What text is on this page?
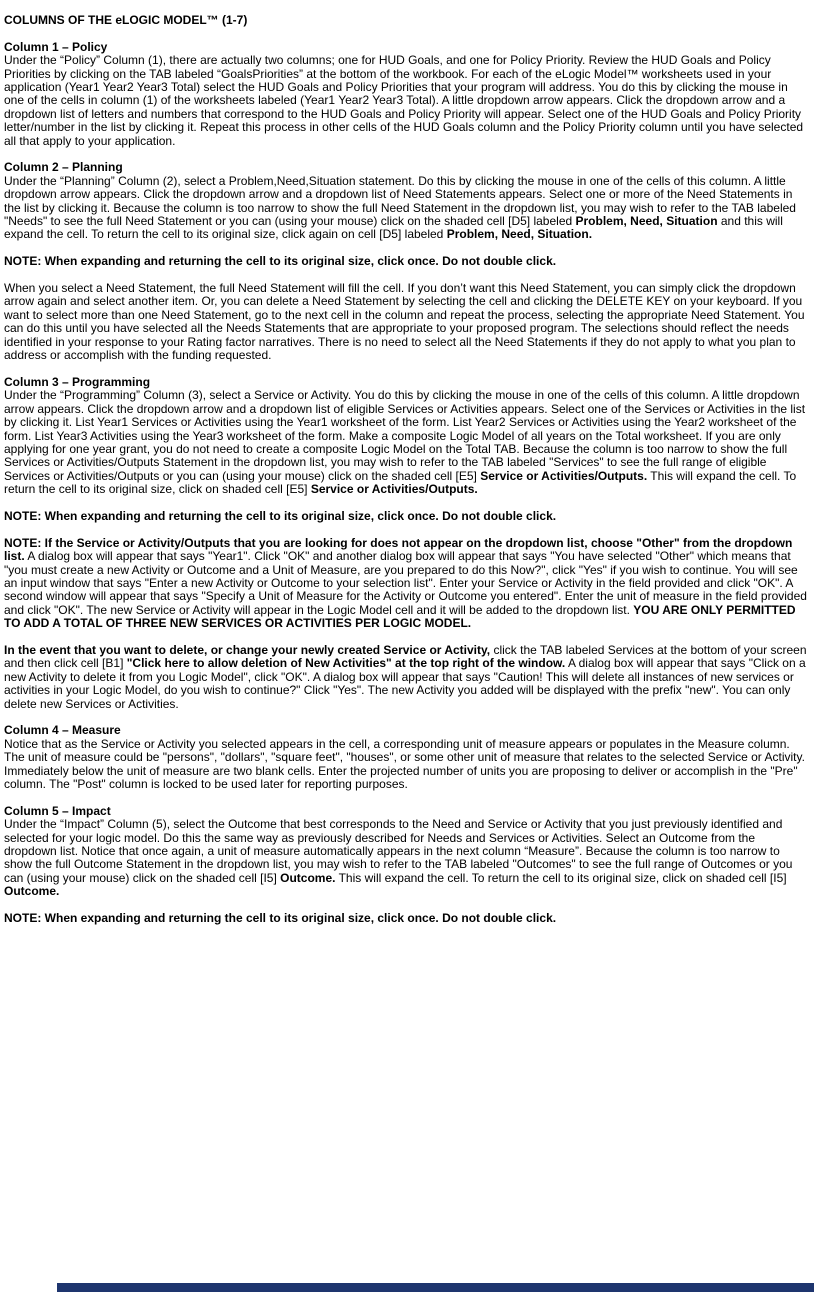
COLUMNS OF THE eLOGIC MODEL™ (1-7)
Column 1 – Policy
Under the “Policy” Column (1), there are actually two columns; one for HUD Goals, and one for Policy Priority. Review the HUD Goals and Policy Priorities by clicking on the TAB labeled “GoalsPriorities” at the bottom of the workbook. For each of the eLogic Model™ worksheets used in your application (Year1 Year2 Year3 Total) select the HUD Goals and Policy Priorities that your program will address. You do this by clicking the mouse in one of the cells in column (1) of the worksheets labeled (Year1 Year2 Year3 Total). A little dropdown arrow appears. Click the dropdown arrow and a dropdown list of letters and numbers that correspond to the HUD Goals and Policy Priority will appear. Select one of the HUD Goals and Policy Priority letter/number in the list by clicking it. Repeat this process in other cells of the HUD Goals column and the Policy Priority column until you have selected all that apply to your application.
Column 2 – Planning
Under the “Planning” Column (2), select a Problem,Need,Situation statement. Do this by clicking the mouse in one of the cells of this column. A little dropdown arrow appears. Click the dropdown arrow and a dropdown list of Need Statements appears. Select one or more of the Need Statements in the list by clicking it. Because the column is too narrow to show the full Need Statement in the dropdown list, you may wish to refer to the TAB labeled "Needs" to see the full Need Statement or you can (using your mouse) click on the shaded cell [D5] labeled Problem, Need, Situation and this will expand the cell. To return the cell to its original size, click again on cell [D5] labeled Problem, Need, Situation.
NOTE: When expanding and returning the cell to its original size, click once. Do not double click.
When you select a Need Statement, the full Need Statement will fill the cell. If you don’t want this Need Statement, you can simply click the dropdown arrow again and select another item. Or, you can delete a Need Statement by selecting the cell and clicking the DELETE KEY on your keyboard. If you want to select more than one Need Statement, go to the next cell in the column and repeat the process, selecting the appropriate Need Statement. You can do this until you have selected all the Needs Statements that are appropriate to your proposed program. The selections should reflect the needs identified in your response to your Rating factor narratives. There is no need to select all the Need Statements if they do not apply to what you plan to address or accomplish with the funding requested.
Column 3 – Programming
Under the “Programming” Column (3), select a Service or Activity. You do this by clicking the mouse in one of the cells of this column. A little dropdown arrow appears. Click the dropdown arrow and a dropdown list of eligible Services or Activities appears. Select one of the Services or Activities in the list by clicking it. List Year1 Services or Activities using the Year1 worksheet of the form. List Year2 Services or Activities using the Year2 worksheet of the form. List Year3 Activities using the Year3 worksheet of the form. Make a composite Logic Model of all years on the Total worksheet. If you are only applying for one year grant, you do not need to create a composite Logic Model on the Total TAB. Because the column is too narrow to show the full Services or Activities/Outputs Statement in the dropdown list, you may wish to refer to the TAB labeled "Services" to see the full range of eligible Services or Activities/Outputs or you can (using your mouse) click on the shaded cell [E5] Service or Activities/Outputs. This will expand the cell. To return the cell to its original size, click on shaded cell [E5] Service or Activities/Outputs.
NOTE: When expanding and returning the cell to its original size, click once. Do not double click.
NOTE: If the Service or Activity/Outputs that you are looking for does not appear on the dropdown list, choose "Other" from the dropdown list. A dialog box will appear that says "Year1". Click "OK" and another dialog box will appear that says "You have selected "Other" which means that "you must create a new Activity or Outcome and a Unit of Measure, are you prepared to do this Now?", click "Yes" if you wish to continue. You will see an input window that says "Enter a new Activity or Outcome to your selection list". Enter your Service or Activity in the field provided and click "OK". A second window will appear that says "Specify a Unit of Measure for the Activity or Outcome you entered". Enter the unit of measure in the field provided and click "OK". The new Service or Activity will appear in the Logic Model cell and it will be added to the dropdown list. YOU ARE ONLY PERMITTED TO ADD A TOTAL OF THREE NEW SERVICES OR ACTIVITIES PER LOGIC MODEL.
In the event that you want to delete, or change your newly created Service or Activity, click the TAB labeled Services at the bottom of your screen and then click cell [B1] "Click here to allow deletion of New Activities" at the top right of the window. A dialog box will appear that says "Click on a new Activity to delete it from you Logic Model", click "OK". A dialog box will appear that says "Caution! This will delete all instances of new services or activities in your Logic Model, do you wish to continue?" Click "Yes". The new Activity you added will be displayed with the prefix "new". You can only delete new Services or Activities.
Column 4 – Measure
Notice that as the Service or Activity you selected appears in the cell, a corresponding unit of measure appears or populates in the Measure column. The unit of measure could be "persons", "dollars", "square feet", "houses", or some other unit of measure that relates to the selected Service or Activity. Immediately below the unit of measure are two blank cells. Enter the projected number of units you are proposing to deliver or accomplish in the "Pre" column. The "Post" column is locked to be used later for reporting purposes.
Column 5 – Impact
Under the “Impact” Column (5), select the Outcome that best corresponds to the Need and Service or Activity that you just previously identified and selected for your logic model. Do this the same way as previously described for Needs and Services or Activities. Select an Outcome from the dropdown list. Notice that once again, a unit of measure automatically appears in the next column “Measure”. Because the column is too narrow to show the full Outcome Statement in the dropdown list, you may wish to refer to the TAB labeled "Outcomes" to see the full range of Outcomes or you can (using your mouse) click on the shaded cell [I5] Outcome. This will expand the cell. To return the cell to its original size, click on shaded cell [I5] Outcome.
NOTE: When expanding and returning the cell to its original size, click once. Do not double click.
